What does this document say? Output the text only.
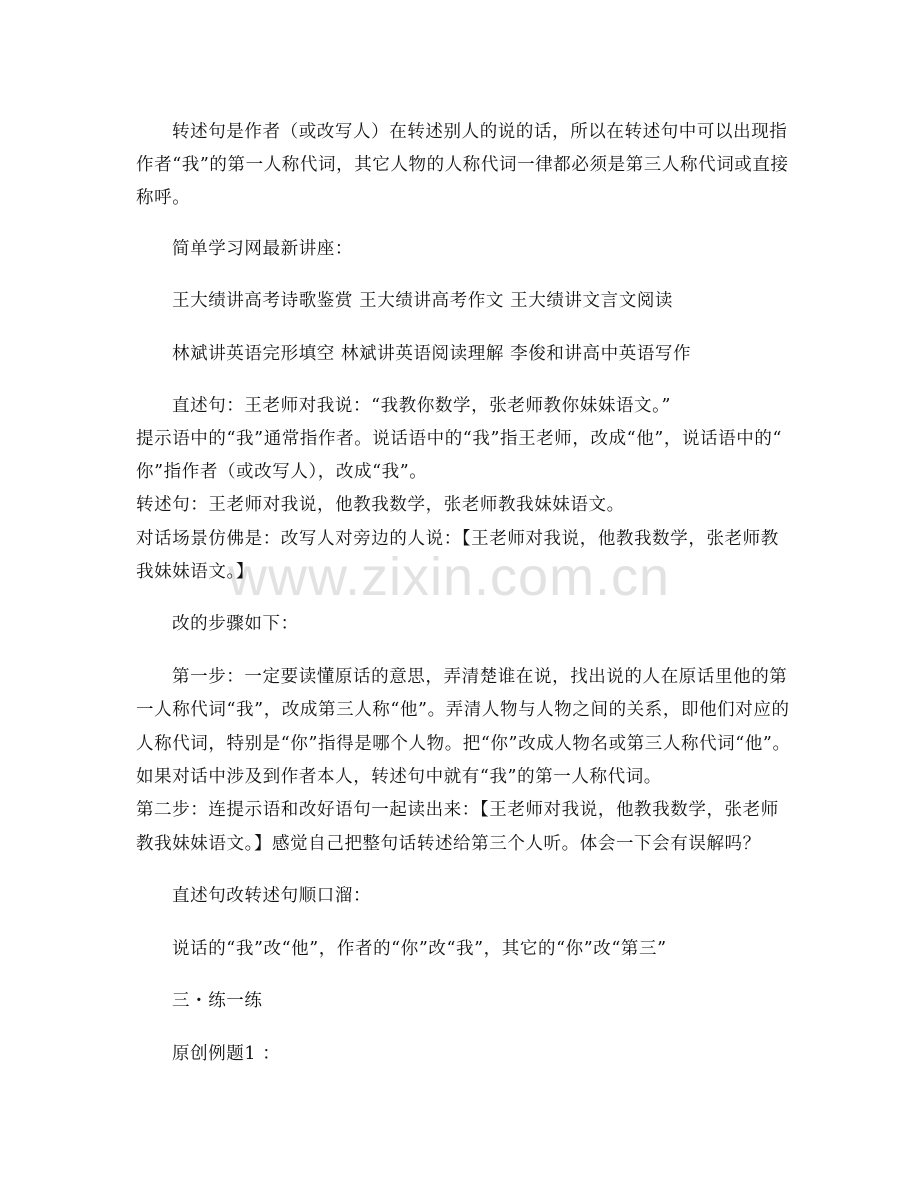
www.zixin.com.cn
转述句是作者（或改写人）在转述别人的说的话，所以在转述句中可以出现指
作者“我”的第一人称代词，其它人物的人称代词一律都必须是第三人称代词或直接
称呼。
简单学习网最新讲座：
王大绩讲高考诗歌鉴赏 王大绩讲高考作文 王大绩讲文言文阅读
林斌讲英语完形填空 林斌讲英语阅读理解 李俊和讲高中英语写作
直述句：王老师对我说：“我教你数学，张老师教你妹妹语文。”
提示语中的“我”通常指作者。说话语中的“我”指王老师，改成“他”，说话语中的“
你”指作者（或改写人），改成“我”。
转述句：王老师对我说，他教我数学，张老师教我妹妹语文。
对话场景仿佛是：改写人对旁边的人说：【王老师对我说，他教我数学，张老师教
我妹妹语文。】
改的步骤如下：
第一步：一定要读懂原话的意思，弄清楚谁在说，找出说的人在原话里他的第
一人称代词“我”，改成第三人称“他”。弄清人物与人物之间的关系，即他们对应的
人称代词，特别是“你”指得是哪个人物。把“你”改成人物名或第三人称代词“他”。
如果对话中涉及到作者本人，转述句中就有“我”的第一人称代词。
第二步：连提示语和改好语句一起读出来：【王老师对我说，他教我数学，张老师
教我妹妹语文。】感觉自己把整句话转述给第三个人听。体会一下会有误解吗？
直述句改转述句顺口溜：
说话的“我”改“他”，作者的“你”改“我”，其它的“你”改“第三”
三・练一练
原创例题1 ：
